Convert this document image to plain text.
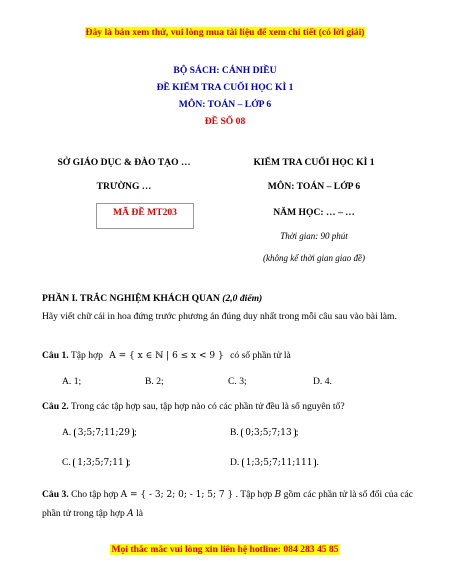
Đây là bản xem thử, vui lòng mua tài liệu để xem chi tiết (có lời giải)
BỘ SÁCH: CÁNH DIỀU
ĐỀ KIỂM TRA CUỐI HỌC KÌ 1
MÔN: TOÁN – LỚP 6
ĐỀ SỐ 08
SỞ GIÁO DỤC & ĐÀO TẠO …
TRƯỜNG …
MÃ ĐỀ MT203
KIỂM TRA CUỐI HỌC KÌ 1
MÔN: TOÁN – LỚP 6
NĂM HỌC: … – …
Thời gian: 90 phút
(không kể thời gian giao đề)
PHẦN I. TRẮC NGHIỆM KHÁCH QUAN (2,0 điểm)
Hãy viết chữ cái in hoa đứng trước phương án đúng duy nhất trong mỗi câu sau vào bài làm.
Câu 1. Tập hợp A = { x ∈ ℕ | 6 ≤ x < 9 } có số phần tử là
A. 1;	B. 2;	C. 3;	D. 4.
Câu 2. Trong các tập hợp sau, tập hợp nào có các phần tử đều là số nguyên tố?
A. 3;5;7;11;29 ;	B. 0;3;5;7;13 ;
C. 1;3;5;7;11 ;	D. 1;3;5;7;11;111 .
Câu 3. Cho tập hợp A = { - 3; 2; 0; - 1; 5; 7 } . Tập hợp B gồm các phần tử là số đối của các
phần tử trong tập hợp A là
Mọi thắc mắc vui lòng xin liên hệ hotline: 084 283 45 85
